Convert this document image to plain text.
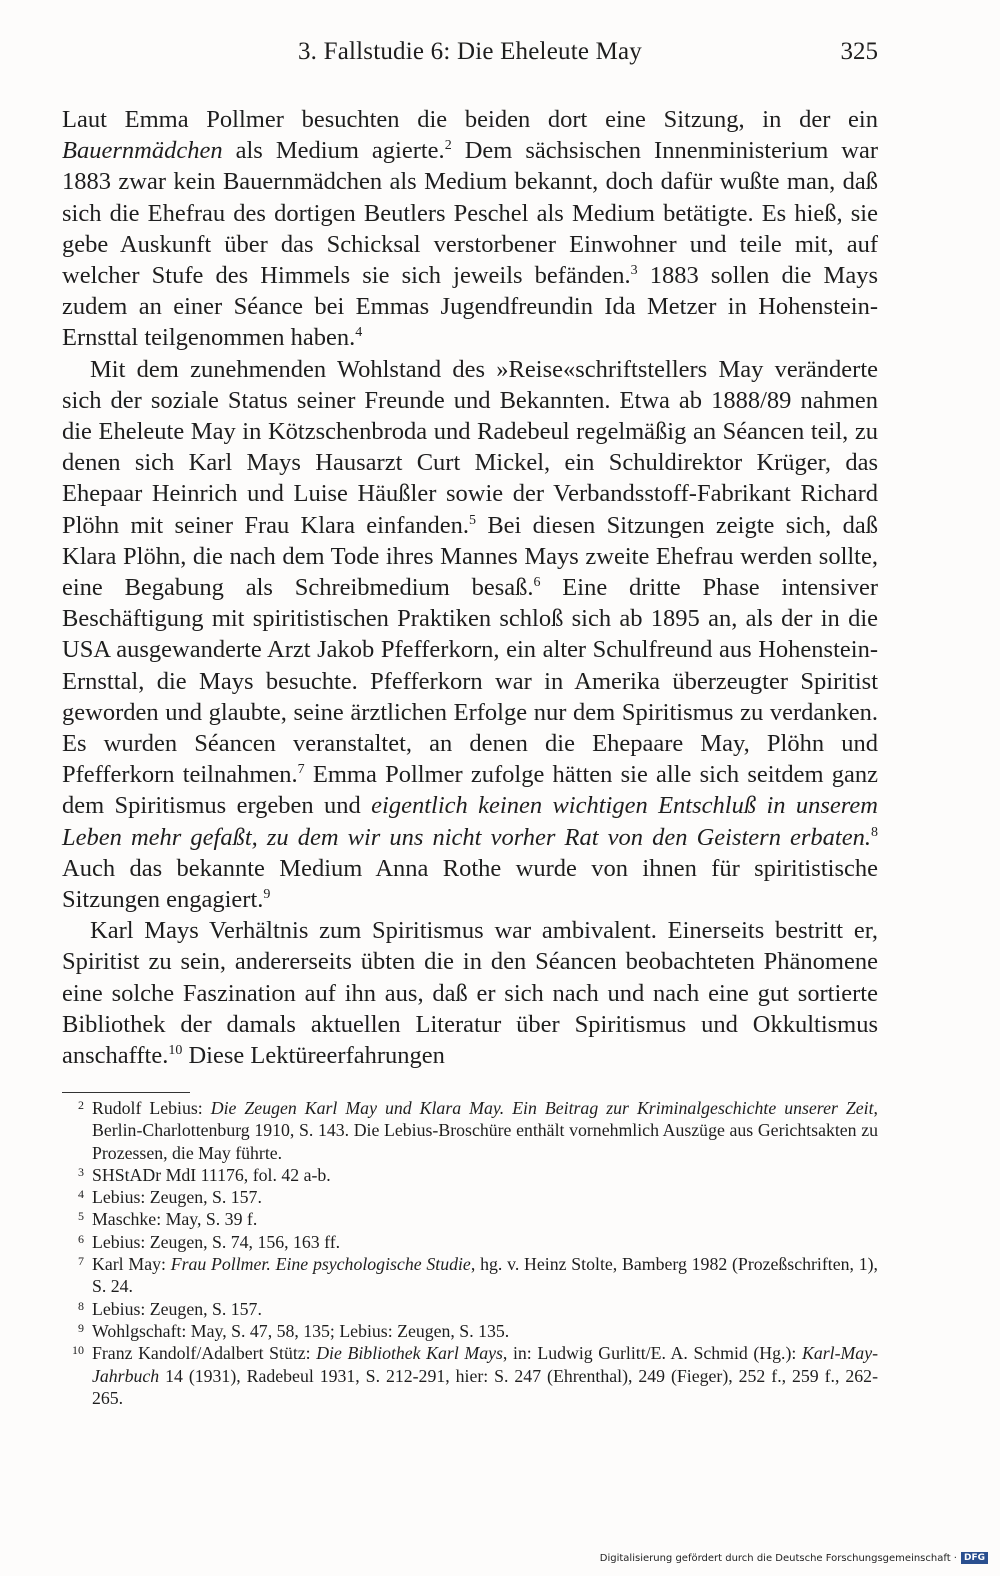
3. Fallstudie 6: Die Eheleute May	325

Laut Emma Pollmer besuchten die beiden dort eine Sitzung, in der ein Bauernmädchen als Medium agierte.$^2$ Dem sächsischen Innenministerium war 1883 zwar kein Bauernmädchen als Medium bekannt, doch dafür wußte man, daß sich die Ehefrau des dortigen Beutlers Peschel als Medium betätigte. Es hieß, sie gebe Auskunft über das Schicksal verstorbener Einwohner und teile mit, auf welcher Stufe des Himmels sie sich jeweils befänden.$^3$ 1883 sollen die Mays zudem an einer Séance bei Emmas Jugendfreundin Ida Metzer in Hohenstein-Ernsttal teilgenommen haben.$^4$

Mit dem zunehmenden Wohlstand des »Reise«schriftstellers May veränderte sich der soziale Status seiner Freunde und Bekannten. Etwa ab 1888/89 nahmen die Eheleute May in Kötzschenbroda und Radebeul regelmäßig an Séancen teil, zu denen sich Karl Mays Hausarzt Curt Mickel, ein Schuldirektor Krüger, das Ehepaar Heinrich und Luise Häußler sowie der Verbandsstoff-Fabrikant Richard Plöhn mit seiner Frau Klara einfanden.$^5$ Bei diesen Sitzungen zeigte sich, daß Klara Plöhn, die nach dem Tode ihres Mannes Mays zweite Ehefrau werden sollte, eine Begabung als Schreibmedium besaß.$^6$ Eine dritte Phase intensiver Beschäftigung mit spiritistischen Praktiken schloß sich ab 1895 an, als der in die USA ausgewanderte Arzt Jakob Pfefferkorn, ein alter Schulfreund aus Hohenstein-Ernsttal, die Mays besuchte. Pfefferkorn war in Amerika überzeugter Spiritist geworden und glaubte, seine ärztlichen Erfolge nur dem Spiritismus zu verdanken. Es wurden Séancen veranstaltet, an denen die Ehepaare May, Plöhn und Pfefferkorn teilnahmen.$^7$ Emma Pollmer zufolge hätten sie alle sich seitdem ganz dem Spiritismus ergeben und eigentlich keinen wichtigen Entschluß in unserem Leben mehr gefaßt, zu dem wir uns nicht vorher Rat von den Geistern erbaten.$^8$ Auch das bekannte Medium Anna Rothe wurde von ihnen für spiritistische Sitzungen engagiert.$^9$

Karl Mays Verhältnis zum Spiritismus war ambivalent. Einerseits bestritt er, Spiritist zu sein, andererseits übten die in den Séancen beobachteten Phänomene eine solche Faszination auf ihn aus, daß er sich nach und nach eine gut sortierte Bibliothek der damals aktuellen Literatur über Spiritismus und Okkultismus anschaffte.$^{10}$ Diese Lektüreerfahrungen

2 Rudolf Lebius: Die Zeugen Karl May und Klara May. Ein Beitrag zur Kriminalgeschichte unserer Zeit, Berlin-Charlottenburg 1910, S. 143. Die Lebius-Broschüre enthält vornehmlich Auszüge aus Gerichtsakten zu Prozessen, die May führte.
3 SHStADr MdI 11176, fol. 42 a-b.
4 Lebius: Zeugen, S. 157.
5 Maschke: May, S. 39 f.
6 Lebius: Zeugen, S. 74, 156, 163 ff.
7 Karl May: Frau Pollmer. Eine psychologische Studie, hg. v. Heinz Stolte, Bamberg 1982 (Prozeßschriften, 1), S. 24.
8 Lebius: Zeugen, S. 157.
9 Wohlgschaft: May, S. 47, 58, 135; Lebius: Zeugen, S. 135.
10 Franz Kandolf/Adalbert Stütz: Die Bibliothek Karl Mays, in: Ludwig Gurlitt/E. A. Schmid (Hg.): Karl-May-Jahrbuch 14 (1931), Radebeul 1931, S. 212-291, hier: S. 247 (Ehrenthal), 249 (Fieger), 252 f., 259 f., 262-265.
Digitalisierung gefördert durch die Deutsche Forschungsgemeinschaft · DFG
